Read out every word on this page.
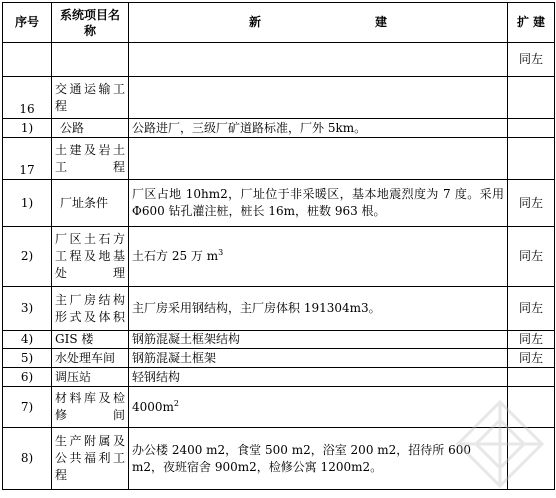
序号	系统项目名称	新 建	扩 建

			同左
16	交通运输工程		
1)	公路	公路进厂，三级厂矿道路标准，厂外 5km。	
17	土建及岩土工程		
1)	厂址条件	厂区占地 10hm2，厂址位于非采暖区，基本地震烈度为 7 度。采用 Φ600 钻孔灌注桩，桩长 16m，桩数 963 根。	同左
2)	厂区土石方工程及地基处理	土石方 25 万 $m^3$	同左
3)	主厂房结构形式及体积	主厂房采用钢结构，主厂房体积 191304m3。	同左
4)	GIS 楼	钢筋混凝土框架结构	同左
5)	水处理车间	钢筋混凝土框架	同左
6)	调压站	轻钢结构	
7)	材料库及检修间	$4000m^2$	
8)	生产附属及公共福利工程	办公楼 2400 m2，食堂 500 m2，浴室 200 m2，招待所 600 m2，夜班宿舍 900m2，检修公寓 1200m2。	
